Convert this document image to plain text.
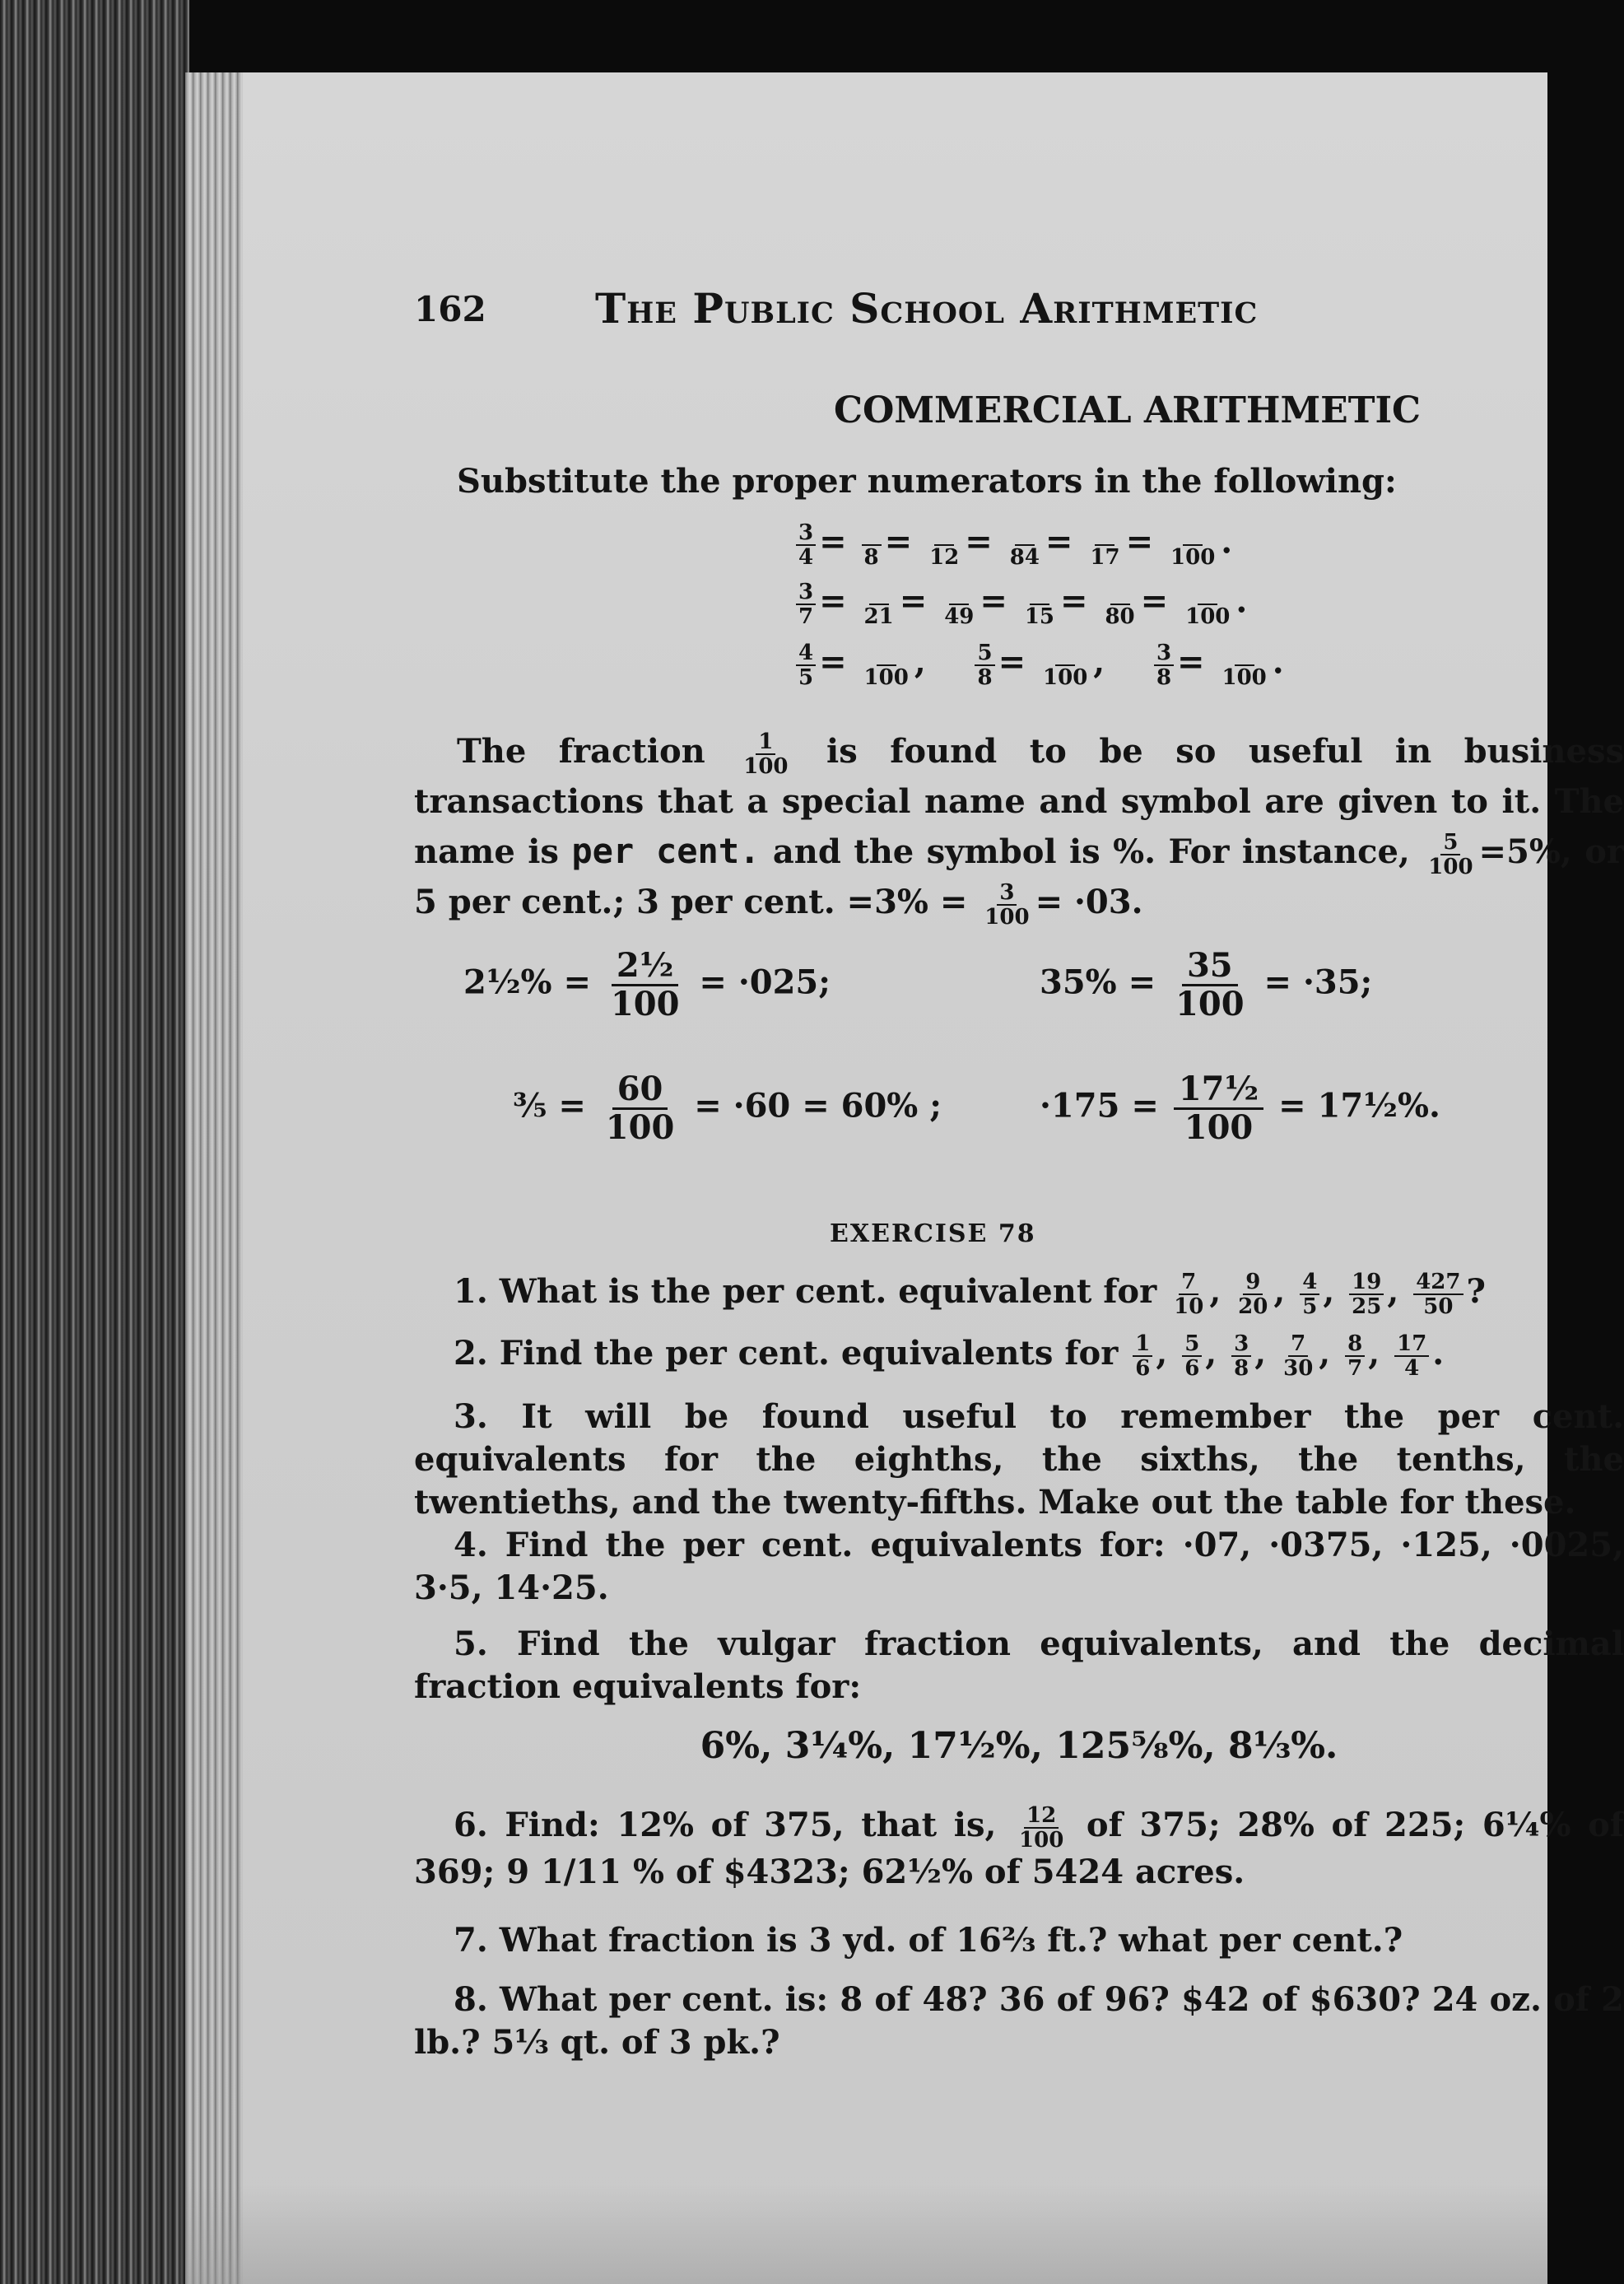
162	The Public School Arithmetic
COMMERCIAL ARITHMETIC
Substitute the proper numerators in the following:
$\frac{3}{4} = 8 = 12 = 84 = 17 = 100$ .
$\frac{3}{7} = 21 = 49 = 15 = 80 = 100$ .
$\frac{4}{5} = 100$ , $\frac{5}{8} = 100$ , $\frac{3}{8} = 100$ .
The fraction $\frac{1}{100}$ is found to be so useful in business transactions that a special name and symbol are given to it. The name is per cent. and the symbol is %. For instance, $\frac{5}{100} =5\%$, or 5 per cent.; 3 per cent. $=3\% = \frac{3}{100} = \cdot 03$.
2½% = $\frac{\text{2½}}{100} = \cdot 025$;	$35\% = \frac{35}{100} = \cdot 35$;
⅗ = $\frac{60}{100} = \cdot 60 = 60\%$ ;	$\cdot 175 = \frac{\text{17½}}{100}$ = 17½%.
EXERCISE 78
1. What is the per cent. equivalent for $\frac{7}{10}$ , $\frac{9}{20}$ , $\frac{4}{5}$ , $\frac{19}{25}$ , $\frac{427}{50}$ ?
2. Find the per cent. equivalents for $\frac{1}{6}$ , $\frac{5}{6}$ , $\frac{3}{8}$ , $\frac{7}{30}$ , $\frac{8}{7}$ , $\frac{17}{4}$ .
3. It will be found useful to remember the per cent. equivalents for the eighths, the sixths, the tenths, the twentieths, and the twenty-fifths. Make out the table for these.
4. Find the per cent. equivalents for: ·07, ·0375, ·125, ·0025, 3·5, 14·25.
5. Find the vulgar fraction equivalents, and the decimal fraction equivalents for:
6%, 3¼%, 17½%, 125⅝%, 8⅓%.
6. Find: 12% of 375, that is, $\frac{12}{100}$ of 375; 28% of 225; 6¼% of 369; 9 1/11 % of $4323; 62½% of 5424 acres.
7. What fraction is 3 yd. of 16⅔ ft.? what per cent.?
8. What per cent. is: 8 of 48? 36 of 96? $42 of $630? 24 oz. of 2 lb.? 5⅓ qt. of 3 pk.?
